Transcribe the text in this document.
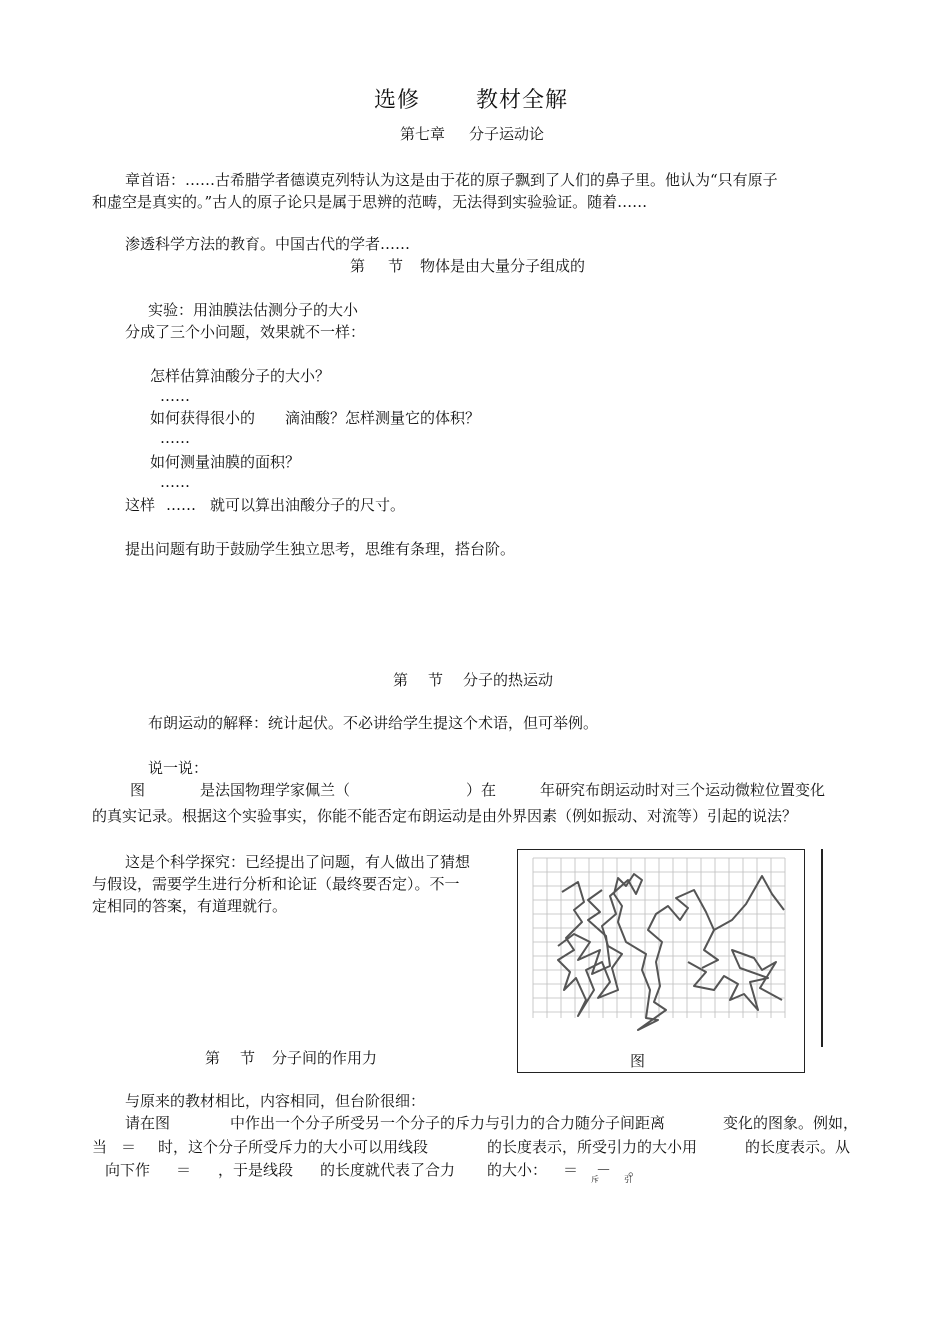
选修	教材全解
第七章 分子运动论
章首语：……古希腊学者德谟克列特认为这是由于花的原子飘到了人们的鼻子里。他认为“只有原子
和虚空是真实的。”古人的原子论只是属于思辨的范畴，无法得到实验验证。随着……
渗透科学方法的教育。中国古代的学者……
第 节 物体是由大量分子组成的
实验：用油膜法估测分子的大小
分成了三个小问题，效果就不一样：
怎样估算油酸分子的大小？
……
如何获得很小的 滴油酸？怎样测量它的体积？
……
如何测量油膜的面积？
……
这样 …… 就可以算出油酸分子的尺寸。
提出问题有助于鼓励学生独立思考，思维有条理，搭台阶。
第 节 分子的热运动
布朗运动的解释：统计起伏。不必讲给学生提这个术语，但可举例。
说一说：
图	是法国物理学家佩兰（	）在	年研究布朗运动时对三个运动微粒位置变化
的真实记录。根据这个实验事实，你能不能否定布朗运动是由外界因素（例如振动、对流等）引起的说法？
这是个科学探究：已经提出了问题，有人做出了猜想
与假设，需要学生进行分析和论证（最终要否定）。不一
定相同的答案，有道理就行。
图
第 节 分子间的作用力
与原来的教材相比，内容相同，但台阶很细：
请在图	中作出一个分子所受另一个分子的斥力与引力的合力随分子间距离	变化的图象。例如，
当 ＝ 时，这个分子所受斥力的大小可以用线段	的长度表示，所受引力的大小用	的长度表示。从
向下作 ＝ ，于是线段 的长度就代表了合力 的大小： ＝ － 。
斥	引
